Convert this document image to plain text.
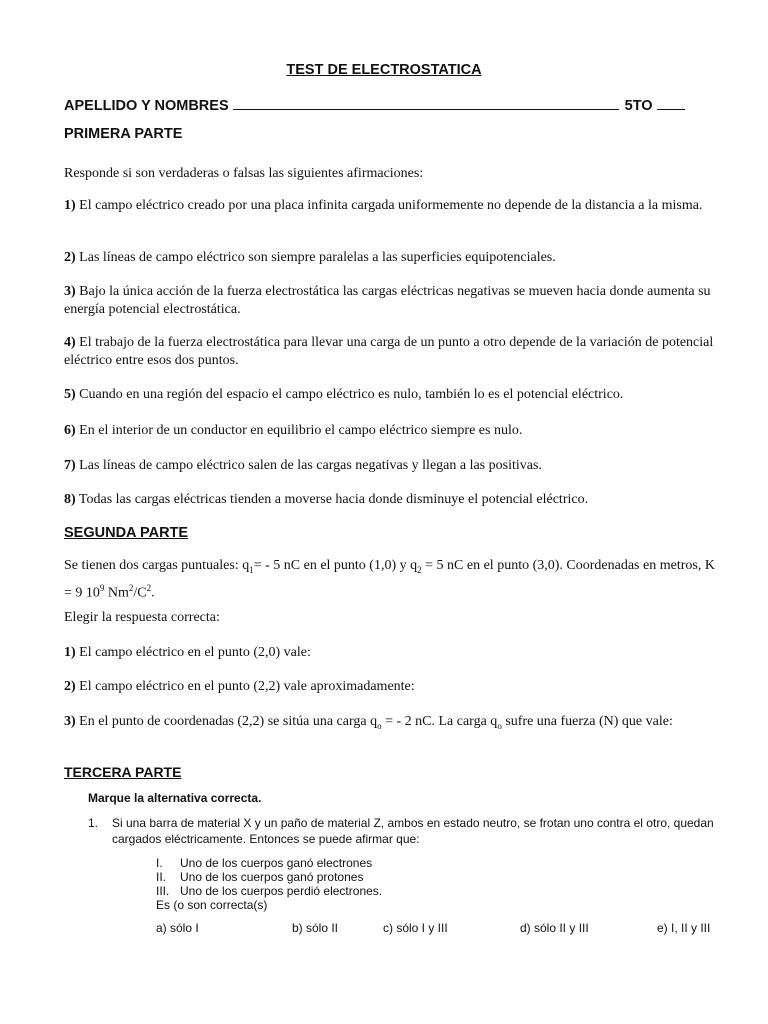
TEST DE ELECTROSTATICA
APELLIDO Y NOMBRES	5TO
PRIMERA PARTE
Responde si son verdaderas o falsas las siguientes afirmaciones:
1) El campo eléctrico creado por una placa infinita cargada uniformemente no depende de la distancia a la misma.
2) Las líneas de campo eléctrico son siempre paralelas a las superficies equipotenciales.
3) Bajo la única acción de la fuerza electrostática las cargas eléctricas negativas se mueven hacia donde aumenta su energía potencial electrostática.
4) El trabajo de la fuerza electrostática para llevar una carga de un punto a otro depende de la variación de potencial eléctrico entre esos dos puntos.
5) Cuando en una región del espacio el campo eléctrico es nulo, también lo es el potencial eléctrico.
6) En el interior de un conductor en equilibrio el campo eléctrico siempre es nulo.
7) Las líneas de campo eléctrico salen de las cargas negativas y llegan a las positivas.
8) Todas las cargas eléctricas tienden a moverse hacia donde disminuye el potencial eléctrico.
SEGUNDA PARTE
Se tienen dos cargas puntuales: $q_1= - 5$ nC en el punto (1,0) y $q_2 = 5$ nC en el punto (3,0). Coordenadas en metros, K = 9 $10^9$ $Nm^2/C^2$.
Elegir la respuesta correcta:
1) El campo eléctrico en el punto (2,0) vale:
2) El campo eléctrico en el punto (2,2) vale aproximadamente:
3) En el punto de coordenadas (2,2) se sitúa una carga $q_o$ = - 2 nC. La carga $q_o$ sufre una fuerza (N) que vale:
TERCERA PARTE
Marque la alternativa correcta.
1. Si una barra de material X y un paño de material Z, ambos en estado neutro, se frotan uno contra el otro, quedan cargados eléctricamente. Entonces se puede afirmar que:
I. Uno de los cuerpos ganó electrones
II. Uno de los cuerpos ganó protones
III. Uno de los cuerpos perdió electrones.
Es (o son correcta(s)
a) sólo I	b) sólo II	c) sólo I y III	d) sólo II y III	e) I, II y III
